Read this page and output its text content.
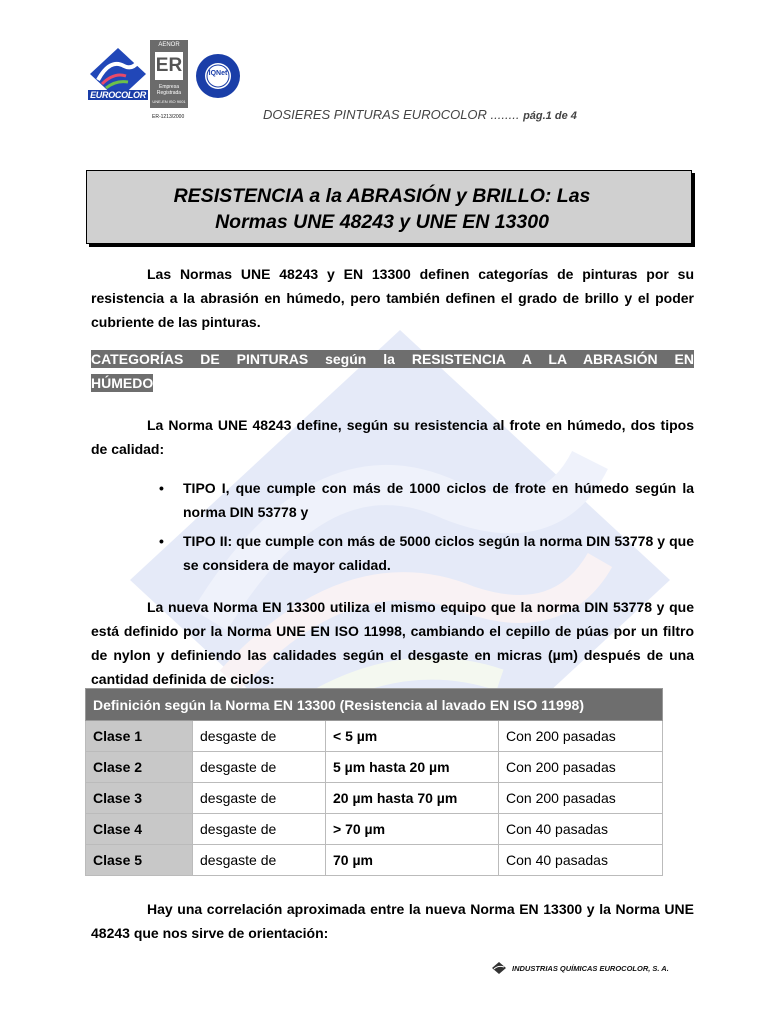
EUROCOLOR
AENOR
ER
Empresa Registrada
UNE-EN ISO 9001
IQNet
ER-1213/2000	DOSIERES PINTURAS EUROCOLOR ........ pág.1 de 4
RESISTENCIA a la ABRASIÓN y BRILLO: Las
Normas UNE 48243 y UNE EN 13300

Las Normas UNE 48243 y EN 13300 definen categorías de pinturas por su resistencia a la abrasión en húmedo, pero también definen el grado de brillo y el poder cubriente de las pinturas.

CATEGORÍAS DE PINTURAS según la RESISTENCIA A LA ABRASIÓN EN
HÚMEDO

La Norma UNE 48243 define, según su resistencia al frote en húmedo, dos tipos de calidad:

• TIPO I, que cumple con más de 1000 ciclos de frote en húmedo según la norma DIN 53778 y
• TIPO II: que cumple con más de 5000 ciclos según la norma DIN 53778 y que se considera de mayor calidad.

La nueva Norma EN 13300 utiliza el mismo equipo que la norma DIN 53778 y que está definido por la Norma UNE EN ISO 11998, cambiando el cepillo de púas por un filtro de nylon y definiendo las calidades según el desgaste en micras (µm) después de una cantidad definida de ciclos:

Definición según la Norma EN 13300 (Resistencia al lavado EN ISO 11998)			
Clase 1	desgaste de	< 5 µm	Con 200 pasadas
Clase 2	desgaste de	5 µm hasta 20 µm	Con 200 pasadas
Clase 3	desgaste de	20 µm hasta 70 µm	Con 200 pasadas
Clase 4	desgaste de	> 70 µm	Con 40 pasadas
Clase 5	desgaste de	70 µm	Con 40 pasadas

Hay una correlación aproximada entre la nueva Norma EN 13300 y la Norma UNE 48243 que nos sirve de orientación:

INDUSTRIAS QUÍMICAS EUROCOLOR, S. A.
